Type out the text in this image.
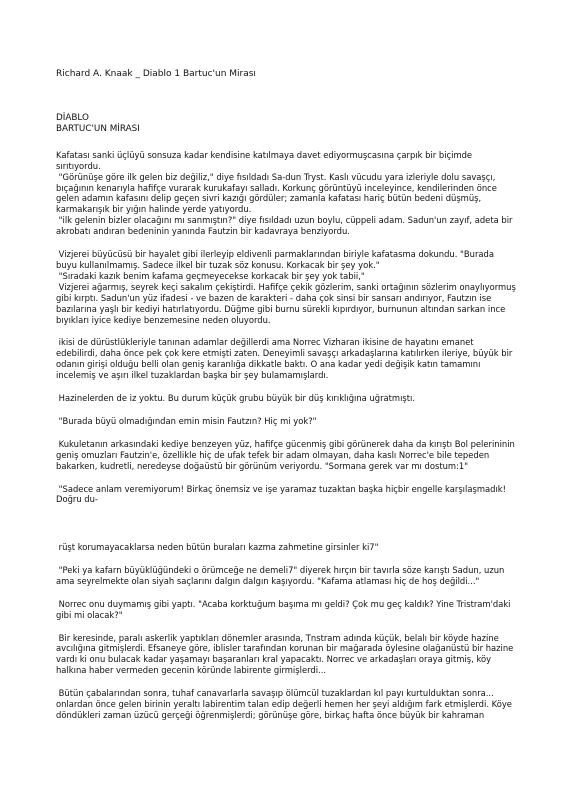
Richard A. Knaak _ Diablo 1 Bartuc'un Mirası

DİABLO

BARTUC'UN MİRASI

Kafatası sanki üçlüyü sonsuza kadar kendisine katılmaya davet ediyormuşcasına çarpık bir biçimde sırıtıyordu.

"Görünüşe göre ilk gelen biz değiliz," diye fısıldadı Sa-dun Tryst. Kaslı vücudu yara izleriyle dolu savaşçı, bıçağının kenarıyla hafifçe vurarak kurukafayı salladı. Korkunç görüntüyü inceleyince, kendilerinden önce gelen adamın kafasını delip geçen sivri kazığı gördüler; zamanla kafatası hariç bütün bedeni düşmüş, karmakarışık bir yığın halinde yerde yatıyordu.

"ilk gelenin bizler olacağını mı sanmıştın?" diye fısıldadı uzun boylu, cüppeli adam. Sadun'un zayıf, adeta bir akrobatı andıran bedeninin yanında Fautzin bir kadavraya benziyordu.

Vizjerei büyücüsü bir hayalet gibi ilerleyip eldivenli parmaklarından biriyle kafatasma dokundu. "Burada buyu kullanılmamış. Sadece ilkel bir tuzak söz konusu. Korkacak bir şey yok."

"Sıradaki kazık benim kafama geçmeyecekse korkacak bir şey yok tabii,"

Vizjerei ağarmış, seyrek keçi sakalım çekiştirdi. Hafifçe çekik gözlerim, sanki ortağının sözlerim onaylıyormuş gibi kırptı. Sadun'un yüz ifadesi - ve bazen de karakteri - daha çok sinsi bir sansarı andırıyor, Fautzın ise bazılarına yaşlı bir kediyi hatırlatıyordu. Düğme gibi burnu sürekli kıpırdıyor, burnunun altından sarkan ince bıyıkları iyice kediye benzemesine neden oluyordu.

ikisi de dürüstlükleriyle tanınan adamlar değillerdi ama Norrec Vizharan ikisine de hayatını emanet edebilirdi, daha önce pek çok kere etmişti zaten. Deneyimli savaşçı arkadaşlarına katılırken ileriye, büyük bir odanın girişi olduğu belli olan geniş karanlığa dikkatle baktı. O ana kadar yedi değişik katın tamamını incelemiş ve aşırı ilkel tuzaklardan başka bir şey bulamamışlardı.

Hazinelerden de iz yoktu. Bu durum küçük grubu büyük bir düş kırıklığına uğratmıştı.

"Burada büyü olmadığından emin misin Fautzın? Hiç mi yok?"

Kukuletanın arkasındaki kediye benzeyen yüz, hafifçe gücenmiş gibi görünerek daha da kırıştı Bol pelerininin geniş omuzları Fautzin'e, özellikle hiç de ufak tefek bir adam olmayan, daha kaslı Norrec'e bile tepeden bakarken, kudretli, neredeyse doğaüstü bir görünüm veriyordu. "Sormana gerek var mı dostum:1"

"Sadece anlam veremiyorum! Birkaç önemsiz ve işe yaramaz tuzaktan başka hiçbir engelle karşılaşmadık! Doğru du-

rüşt korumayacaklarsa neden bütün buraları kazma zahmetine girsinler ki7"

"Peki ya kafarn büyüklüğündeki o örümceğe ne demeli7" diyerek hırçın bir tavırla söze karıştı Sadun, uzun ama seyrelmekte olan siyah saçlarını dalgın dalgın kaşıyordu. "Kafama atlaması hiç de hoş değildi..."

Norrec onu duymamış gibi yaptı. "Acaba korktuğum başıma mı geldi? Çok mu geç kaldık? Yine Tristram'daki gibi mi olacak?"

Bir keresinde, paralı askerlik yaptıkları dönemler arasında, Tnstram adında küçük, belalı bir köyde hazine avcılığına gitmişlerdi. Efsaneye göre, iblisler tarafından korunan bir mağarada öylesine olağanüstü bir hazine vardı ki onu bulacak kadar yaşamayı başaranları kral yapacaktı. Norrec ve arkadaşları oraya gitmiş, köy halkına haber vermeden gecenin köründe labirente girmişlerdi...

Bütün çabalarından sonra, tuhaf canavarlarla savaşıp ölümcül tuzaklardan kıl payı kurtulduktan sonra... onlardan önce gelen birinin yeraltı labirentim talan edip değerli hemen her şeyi aldığım fark etmişlerdi. Köye döndükleri zaman üzücü gerçeği öğrenmişlerdi; görünüşe göre, birkaç hafta önce büyük bir kahraman
